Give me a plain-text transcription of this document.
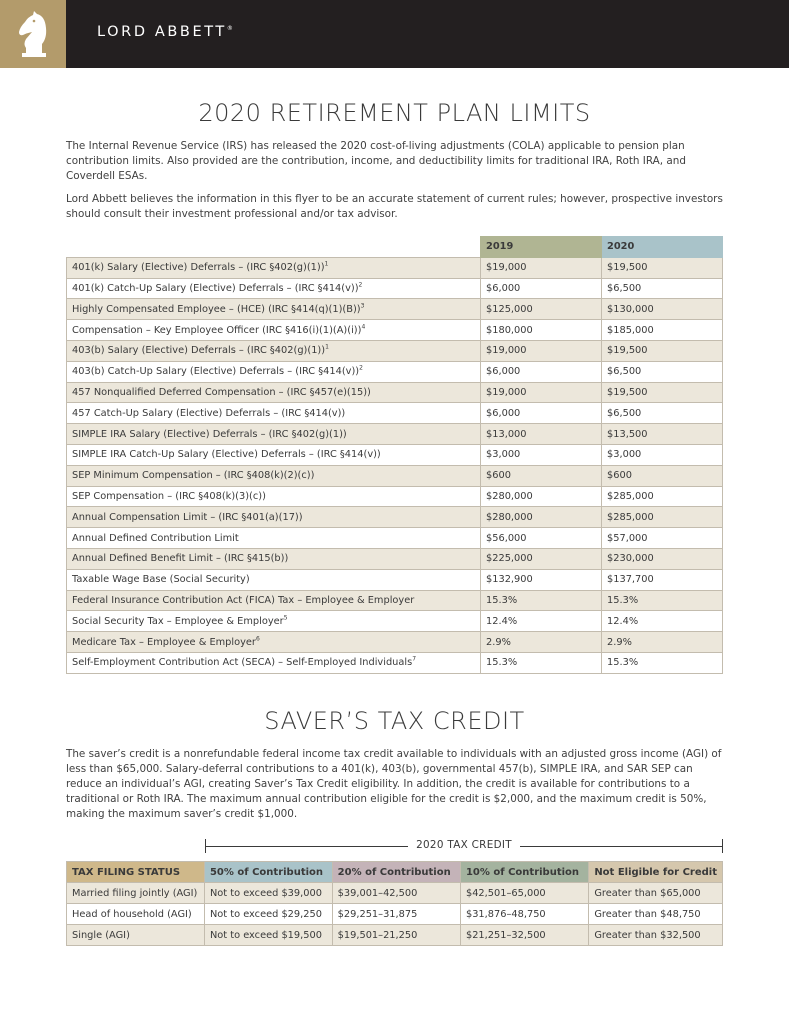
LORD ABBETT®
2020 RETIREMENT PLAN LIMITS
The Internal Revenue Service (IRS) has released the 2020 cost-of-living adjustments (COLA) applicable to pension plan contribution limits. Also provided are the contribution, income, and deductibility limits for traditional IRA, Roth IRA, and Coverdell ESAs.
Lord Abbett believes the information in this flyer to be an accurate statement of current rules; however, prospective investors should consult their investment professional and/or tax advisor.
	2019	2020
401(k) Salary (Elective) Deferrals – (IRC §402(g)(1))$^1$	$19,000	$19,500
401(k) Catch-Up Salary (Elective) Deferrals – (IRC §414(v))$^2$	$6,000	$6,500
Highly Compensated Employee – (HCE) (IRC §414(q)(1)(B))$^3$	$125,000	$130,000
Compensation – Key Employee Officer (IRC §416(i)(1)(A)(i))$^4$	$180,000	$185,000
403(b) Salary (Elective) Deferrals – (IRC §402(g)(1))$^1$	$19,000	$19,500
403(b) Catch-Up Salary (Elective) Deferrals – (IRC §414(v))$^2$	$6,000	$6,500
457 Nonqualified Deferred Compensation – (IRC §457(e)(15))	$19,000	$19,500
457 Catch-Up Salary (Elective) Deferrals – (IRC §414(v))	$6,000	$6,500
SIMPLE IRA Salary (Elective) Deferrals – (IRC §402(g)(1))	$13,000	$13,500
SIMPLE IRA Catch-Up Salary (Elective) Deferrals – (IRC §414(v))	$3,000	$3,000
SEP Minimum Compensation – (IRC §408(k)(2)(c))	$600	$600
SEP Compensation – (IRC §408(k)(3)(c))	$280,000	$285,000
Annual Compensation Limit – (IRC §401(a)(17))	$280,000	$285,000
Annual Defined Contribution Limit	$56,000	$57,000
Annual Defined Benefit Limit – (IRC §415(b))	$225,000	$230,000
Taxable Wage Base (Social Security)	$132,900	$137,700
Federal Insurance Contribution Act (FICA) Tax – Employee & Employer	15.3%	15.3%
Social Security Tax – Employee & Employer$^5$	12.4%	12.4%
Medicare Tax – Employee & Employer$^6$	2.9%	2.9%
Self-Employment Contribution Act (SECA) – Self-Employed Individuals$^7$	15.3%	15.3%
SAVER’S TAX CREDIT
The saver’s credit is a nonrefundable federal income tax credit available to individuals with an adjusted gross income (AGI) of less than $65,000. Salary-deferral contributions to a 401(k), 403(b), governmental 457(b), SIMPLE IRA, and SAR SEP can reduce an individual’s AGI, creating Saver’s Tax Credit eligibility. In addition, the credit is available for contributions to a traditional or Roth IRA. The maximum annual contribution eligible for the credit is $2,000, and the maximum credit is 50%, making the maximum saver’s credit $1,000.
2020 TAX CREDIT
TAX FILING STATUS	50% of Contribution	20% of Contribution	10% of Contribution	Not Eligible for Credit
Married filing jointly (AGI)	Not to exceed $39,000	$39,001–42,500	$42,501–65,000	Greater than $65,000
Head of household (AGI)	Not to exceed $29,250	$29,251–31,875	$31,876–48,750	Greater than $48,750
Single (AGI)	Not to exceed $19,500	$19,501–21,250	$21,251–32,500	Greater than $32,500
